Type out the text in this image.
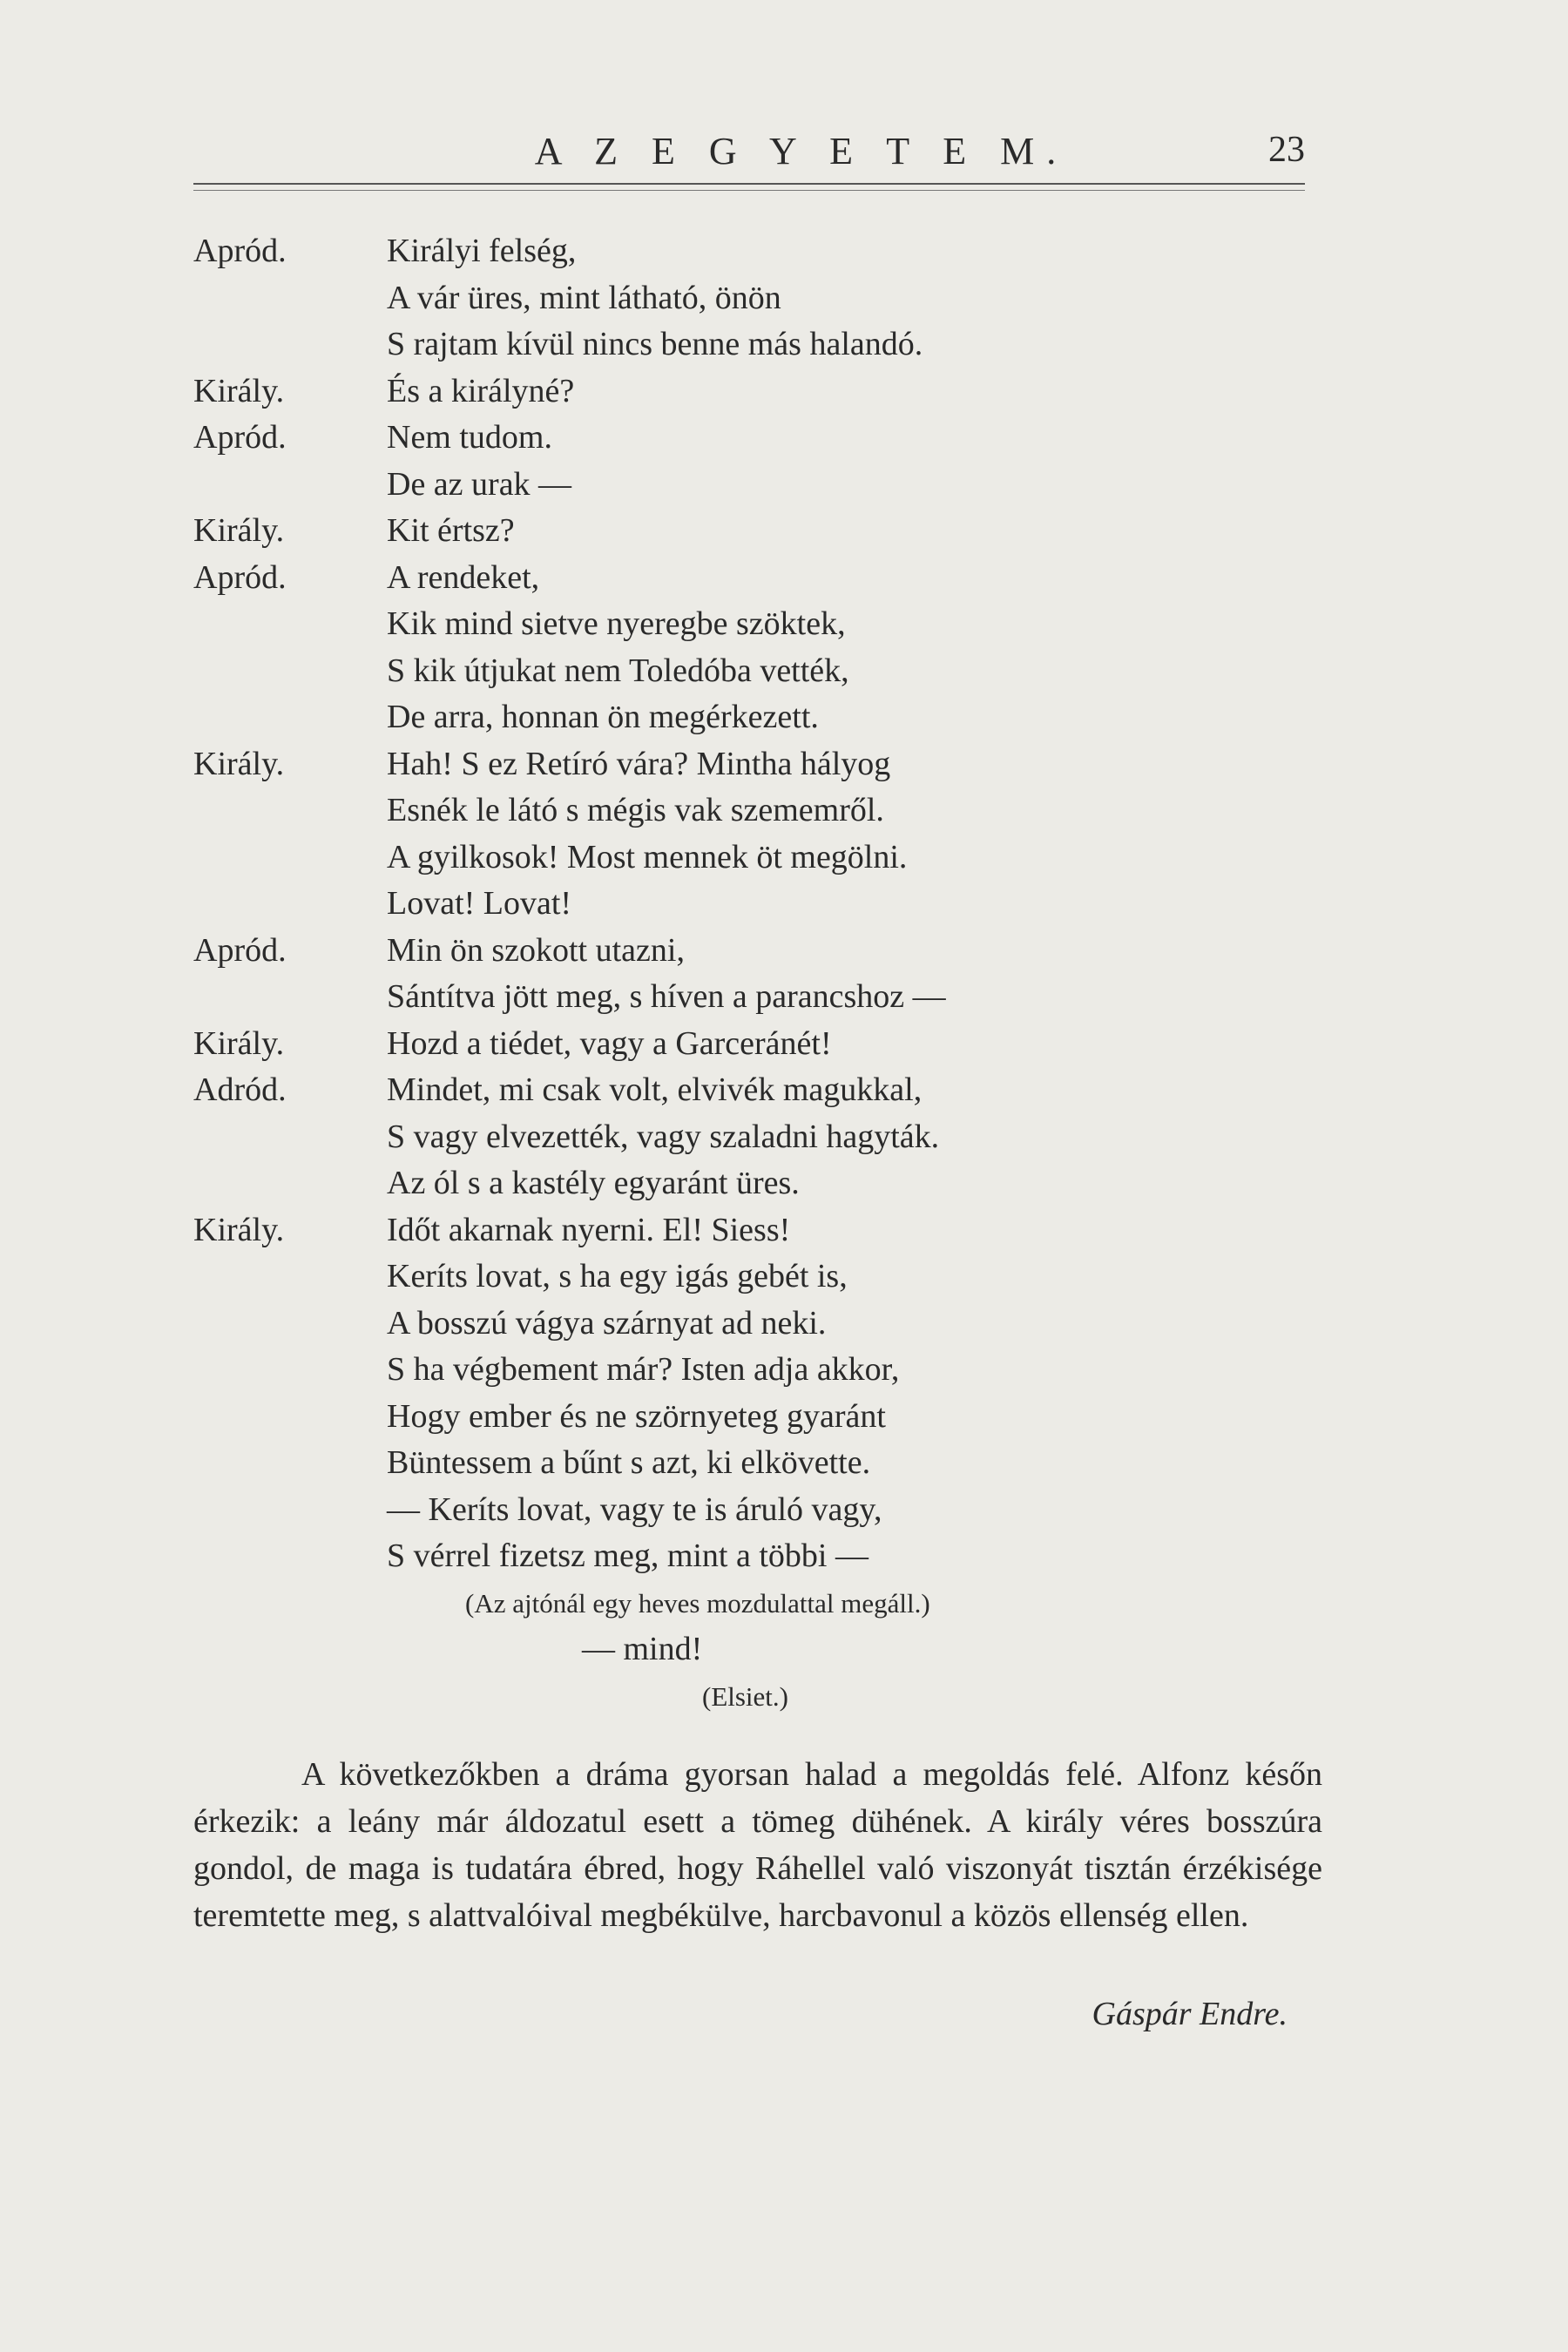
A Z E G Y E T E M.	23
Apród.	Királyi felség,
A vár üres, mint látható, önön
S rajtam kívül nincs benne más halandó.
Király.	És a királyné?
Apród.	Nem tudom.
De az urak —
Király.	Kit értsz?
Apród.	A rendeket,
Kik mind sietve nyeregbe szöktek,
S kik útjukat nem Toledóba vették,
De arra, honnan ön megérkezett.
Király.	Hah! S ez Retíró vára? Mintha hályog
Esnék le látó s mégis vak szememről.
A gyilkosok! Most mennek öt megölni.
Lovat! Lovat!
Apród.	Min ön szokott utazni,
Sántítva jött meg, s híven a parancshoz —
Király.	Hozd a tiédet, vagy a Garceránét!
Adród.	Mindet, mi csak volt, elvivék magukkal,
S vagy elvezették, vagy szaladni hagyták.
Az ól s a kastély egyaránt üres.
Király.	Időt akarnak nyerni. El! Siess!
Keríts lovat, s ha egy igás gebét is,
A bosszú vágya szárnyat ad neki.
S ha végbement már? Isten adja akkor,
Hogy ember és ne szörnyeteg gyaránt
Büntessem a bűnt s azt, ki elkövette.
— Keríts lovat, vagy te is áruló vagy,
S vérrel fizetsz meg, mint a többi —
(Az ajtónál egy heves mozdulattal megáll.)
— mind!
(Elsiet.)
A következőkben a dráma gyorsan halad a megoldás felé. Alfonz későn érkezik: a leány már áldozatul esett a tömeg dühének. A király véres bosszúra gondol, de maga is tudatára ébred, hogy Ráhellel való viszonyát tisztán érzékisége teremtette meg, s alattvalóival megbékülve, harcbavonul a közös ellenség ellen.
Gáspár Endre.
